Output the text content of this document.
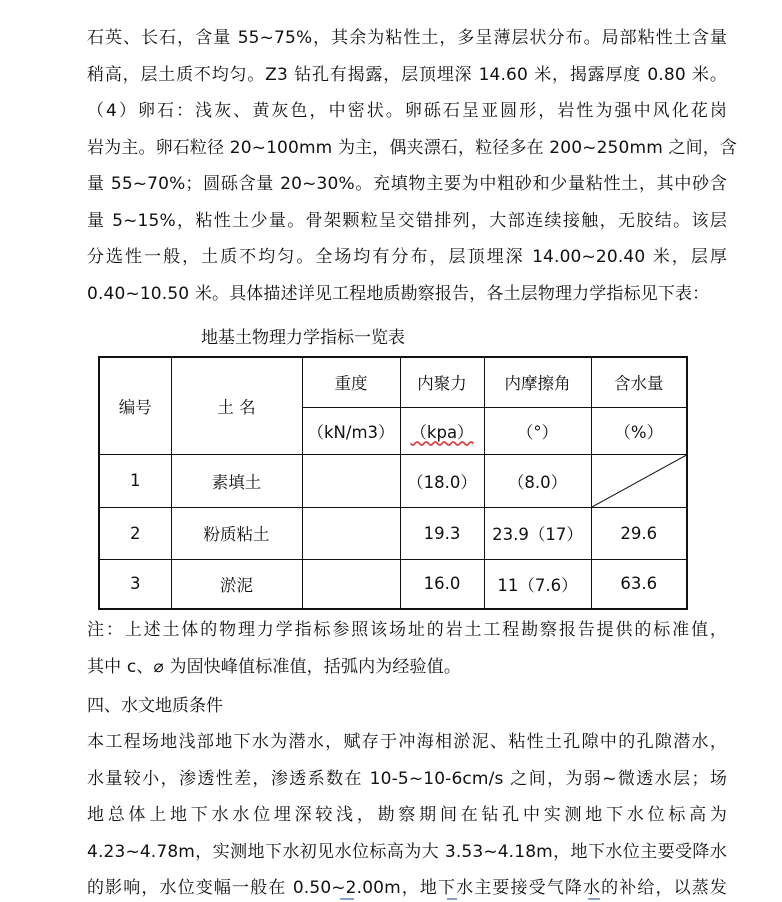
石英、长石，含量 55~75%，其余为粘性土，多呈薄层状分布。局部粘性土含量
稍高，层土质不均匀。Z3 钻孔有揭露，层顶埋深 14.60 米，揭露厚度 0.80 米。
（4）卵石：浅灰、黄灰色，中密状。卵砾石呈亚圆形，岩性为强中风化花岗
岩为主。卵石粒径 20~100mm 为主，偶夹漂石，粒径多在 200~250mm 之间，含
量 55~70%；圆砾含量 20~30%。充填物主要为中粗砂和少量粘性土，其中砂含
量 5~15%，粘性土少量。骨架颗粒呈交错排列，大部连续接触，无胶结。该层
分选性一般，土质不均匀。全场均有分布，层顶埋深 14.00~20.40 米，层厚
0.40~10.50 米。具体描述详见工程地质勘察报告，各土层物理力学指标见下表：
地基土物理力学指标一览表
编号	土 名	重度	内聚力	内摩擦角	含水量
		（kN/m3）	（kpa）	（°）	（%）
1	素填土		（18.0）	（8.0）	

2	粉质粘土		19.3	23.9（17）	29.6
3	淤泥		16.0	11（7.6）	63.6
注：上述土体的物理力学指标参照该场址的岩土工程勘察报告提供的标准值，
其中 c、⌀ 为固快峰值标准值，括弧内为经验值。
四、水文地质条件
本工程场地浅部地下水为潜水，赋存于冲海相淤泥、粘性土孔隙中的孔隙潜水，
水量较小，渗透性差，渗透系数在 10-5~10-6cm/s 之间，为弱~微透水层；场
地总体上地下水水位埋深较浅，勘察期间在钻孔中实测地下水位标高为
4.23~4.78m，实测地下水初见水位标高为大 3.53~4.18m，地下水位主要受降水
的影响，水位变幅一般在 0.50~2.00m，地下水主要接受气降水的补给，以蒸发
